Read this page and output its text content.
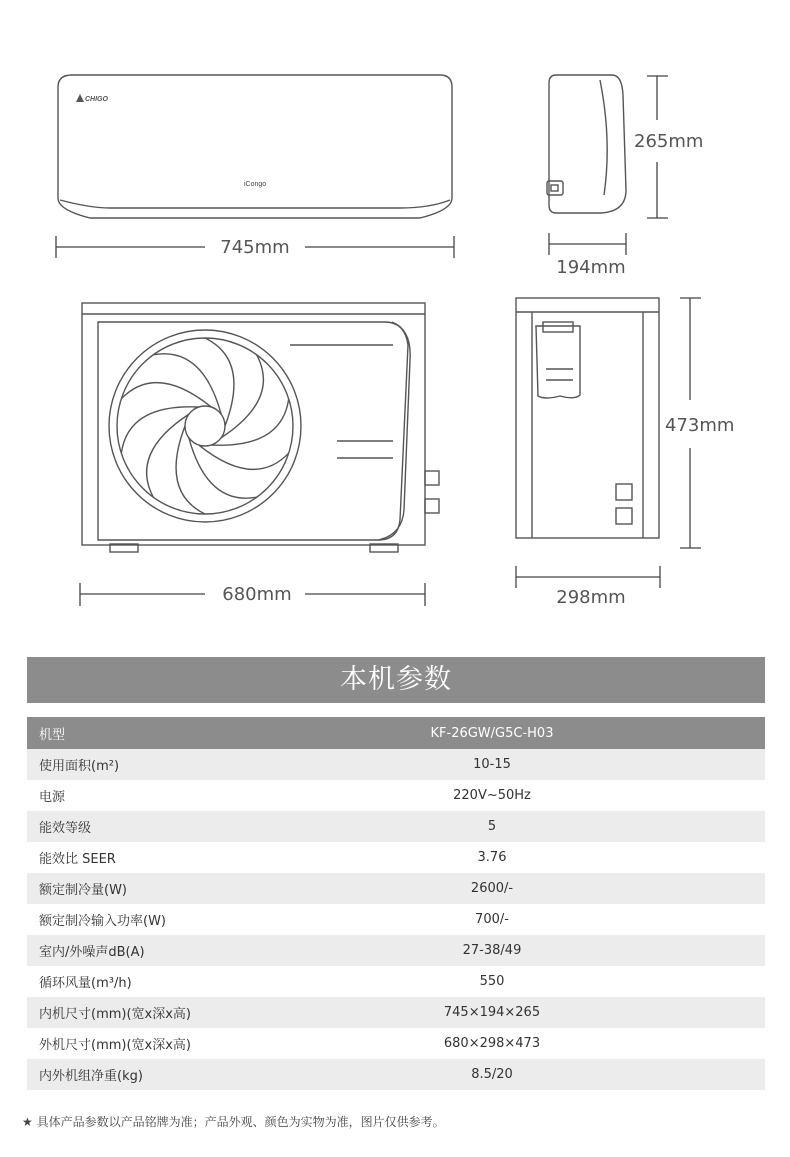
CHIGO
iCongo
745mm
265mm
194mm
680mm
473mm
298mm
本机参数
机型	KF-26GW/G5C-H03
使用面积(m²)	10-15
电源	220V~50Hz
能效等级	5
能效比 SEER	3.76
额定制冷量(W)	2600/-
额定制冷输入功率(W)	700/-
室内/外噪声dB(A)	27-38/49
循环风量(m³/h)	550
内机尺寸(mm)(宽x深x高)	745×194×265
外机尺寸(mm)(宽x深x高)	680×298×473
内外机组净重(kg)	8.5/20
★ 具体产品参数以产品铭牌为准；产品外观、颜色为实物为准，图片仅供参考。
